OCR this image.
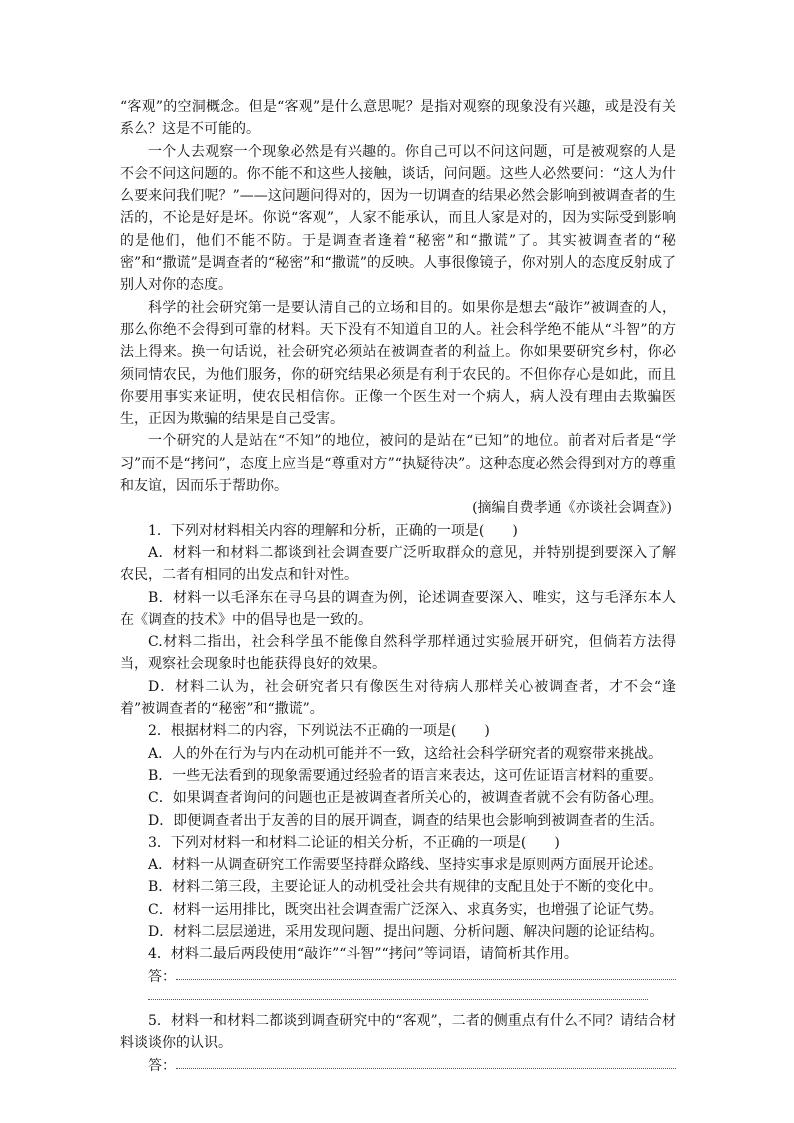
“客观”的空洞概念。但是“客观”是什么意思呢？是指对观察的现象没有兴趣，或是没有关系么？这是不可能的。

一个人去观察一个现象必然是有兴趣的。你自己可以不问这问题，可是被观察的人是不会不问这问题的。你不能不和这些人接触，谈话，问问题。这些人必然要问：“这人为什么要来问我们呢？”——这问题问得对的，因为一切调查的结果必然会影响到被调查者的生活的，不论是好是坏。你说“客观”，人家不能承认，而且人家是对的，因为实际受到影响的是他们，他们不能不防。于是调查者逢着“秘密”和“撒谎”了。其实被调查者的“秘密”和“撒谎”是调查者的“秘密”和“撒谎”的反映。人事很像镜子，你对别人的态度反射成了别人对你的态度。

科学的社会研究第一是要认清自己的立场和目的。如果你是想去“敲诈”被调查的人，那么你绝不会得到可靠的材料。天下没有不知道自卫的人。社会科学绝不能从“斗智”的方法上得来。换一句话说，社会研究必须站在被调查者的利益上。你如果要研究乡村，你必须同情农民，为他们服务，你的研究结果必须是有利于农民的。不但你存心是如此，而且你要用事实来证明，使农民相信你。正像一个医生对一个病人，病人没有理由去欺骗医生，正因为欺骗的结果是自己受害。

一个研究的人是站在“不知”的地位，被问的是站在“已知”的地位。前者对后者是“学习”而不是“拷问”，态度上应当是“尊重对方”“执疑待决”。这种态度必然会得到对方的尊重和友谊，因而乐于帮助你。

(摘编自费孝通《亦谈社会调查》)

1．下列对材料相关内容的理解和分析，正确的一项是(　　)

A．材料一和材料二都谈到社会调查要广泛听取群众的意见，并特别提到要深入了解农民，二者有相同的出发点和针对性。

B．材料一以毛泽东在寻乌县的调查为例，论述调查要深入、唯实，这与毛泽东本人在《调查的技术》中的倡导也是一致的。

C.材料二指出，社会科学虽不能像自然科学那样通过实验展开研究，但倘若方法得当，观察社会现象时也能获得良好的效果。

D．材料二认为，社会研究者只有像医生对待病人那样关心被调查者，才不会“逢着”被调查者的“秘密”和“撒谎”。

2．根据材料二的内容，下列说法不正确的一项是(　　)

A．人的外在行为与内在动机可能并不一致，这给社会科学研究者的观察带来挑战。

B．一些无法看到的现象需要通过经验者的语言来表达，这可佐证语言材料的重要。

C．如果调查者询问的问题也正是被调查者所关心的，被调查者就不会有防备心理。

D．即便调查者出于友善的目的展开调查，调查的结果也会影响到被调查者的生活。

3．下列对材料一和材料二论证的相关分析，不正确的一项是(　　)

A．材料一从调查研究工作需要坚持群众路线、坚持实事求是原则两方面展开论述。

B．材料二第三段，主要论证人的动机受社会共有规律的支配且处于不断的变化中。

C．材料一运用排比，既突出社会调查需广泛深入、求真务实，也增强了论证气势。

D．材料二层层递进，采用发现问题、提出问题、分析问题、解决问题的论证结构。

4．材料二最后两段使用“敲诈”“斗智”“拷问”等词语，请简析其作用。

答：

5．材料一和材料二都谈到调查研究中的“客观”，二者的侧重点有什么不同？请结合材料谈谈你的认识。

答：
